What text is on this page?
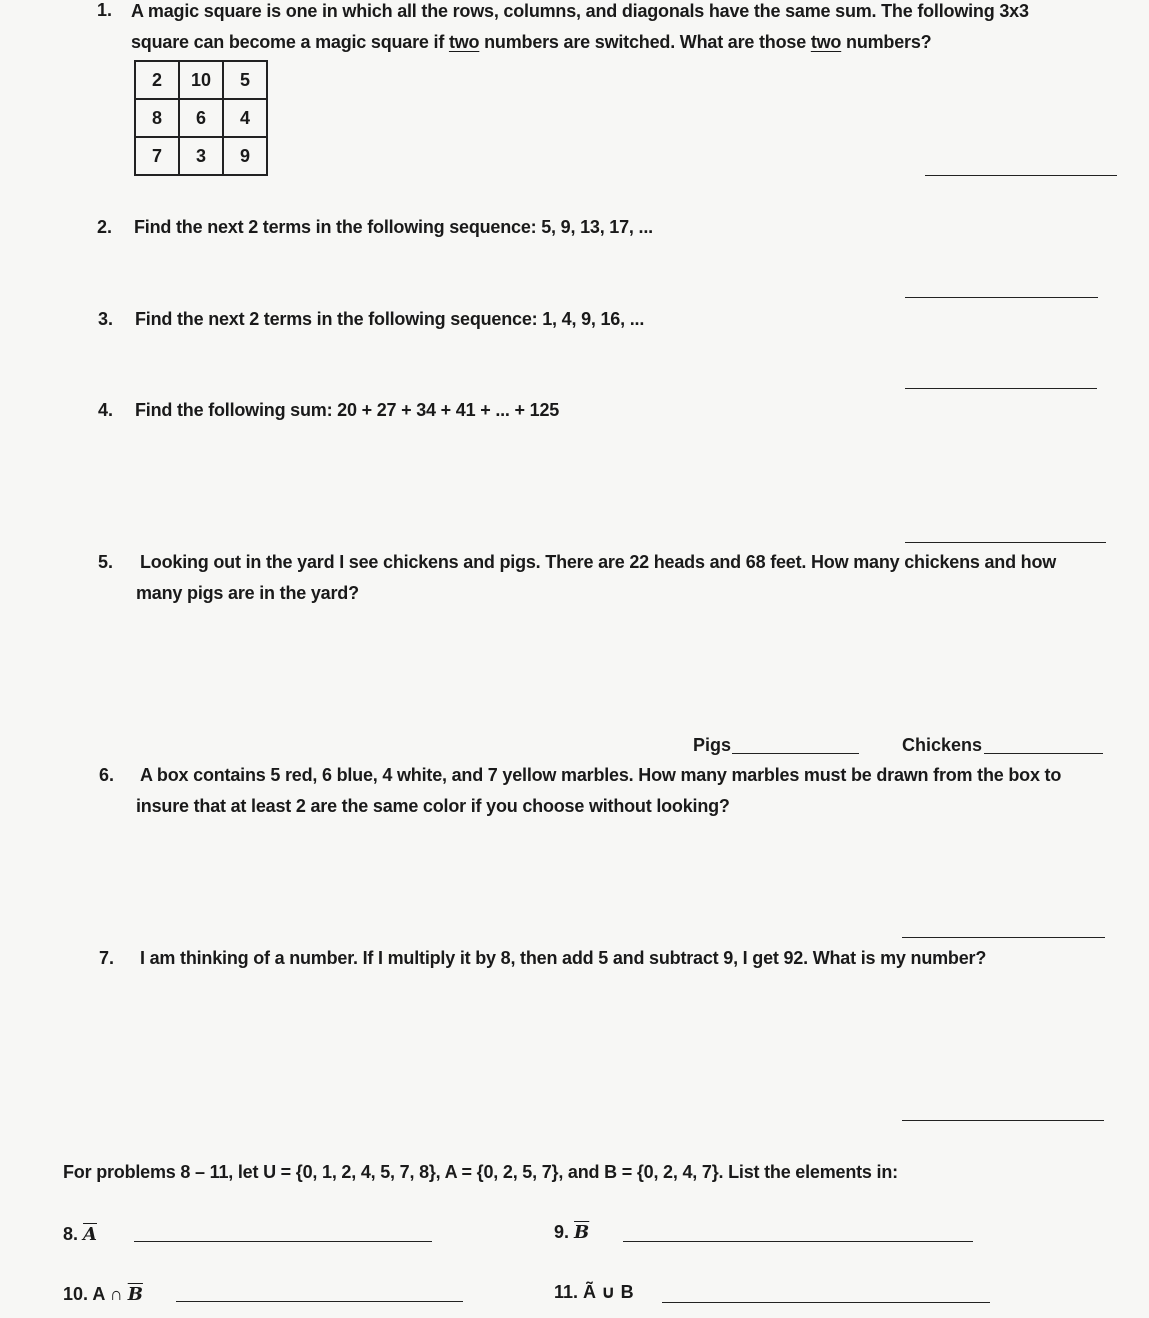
1. A magic square is one in which all the rows, columns, and diagonals have the same sum. The following 3x3
square can become a magic square if two numbers are switched. What are those two numbers?
2	10	5
8	6	4
7	3	9
2. Find the next 2 terms in the following sequence: 5, 9, 13, 17, ...
3. Find the next 2 terms in the following sequence: 1, 4, 9, 16, ...
4. Find the following sum: 20 + 27 + 34 + 41 + ... + 125
5. Looking out in the yard I see chickens and pigs. There are 22 heads and 68 feet. How many chickens and how
many pigs are in the yard?
Pigs	Chickens
6. A box contains 5 red, 6 blue, 4 white, and 7 yellow marbles. How many marbles must be drawn from the box to
insure that at least 2 are the same color if you choose without looking?
7. I am thinking of a number. If I multiply it by 8, then add 5 and subtract 9, I get 92. What is my number?
For problems 8 – 11, let U = {0, 1, 2, 4, 5, 7, 8}, A = {0, 2, 5, 7}, and B = {0, 2, 4, 7}. List the elements in:
8. $\overline{A}$	9. $\overline{B}$
10. A ∩ $\overline{B}$	11. Ã ∪ B
